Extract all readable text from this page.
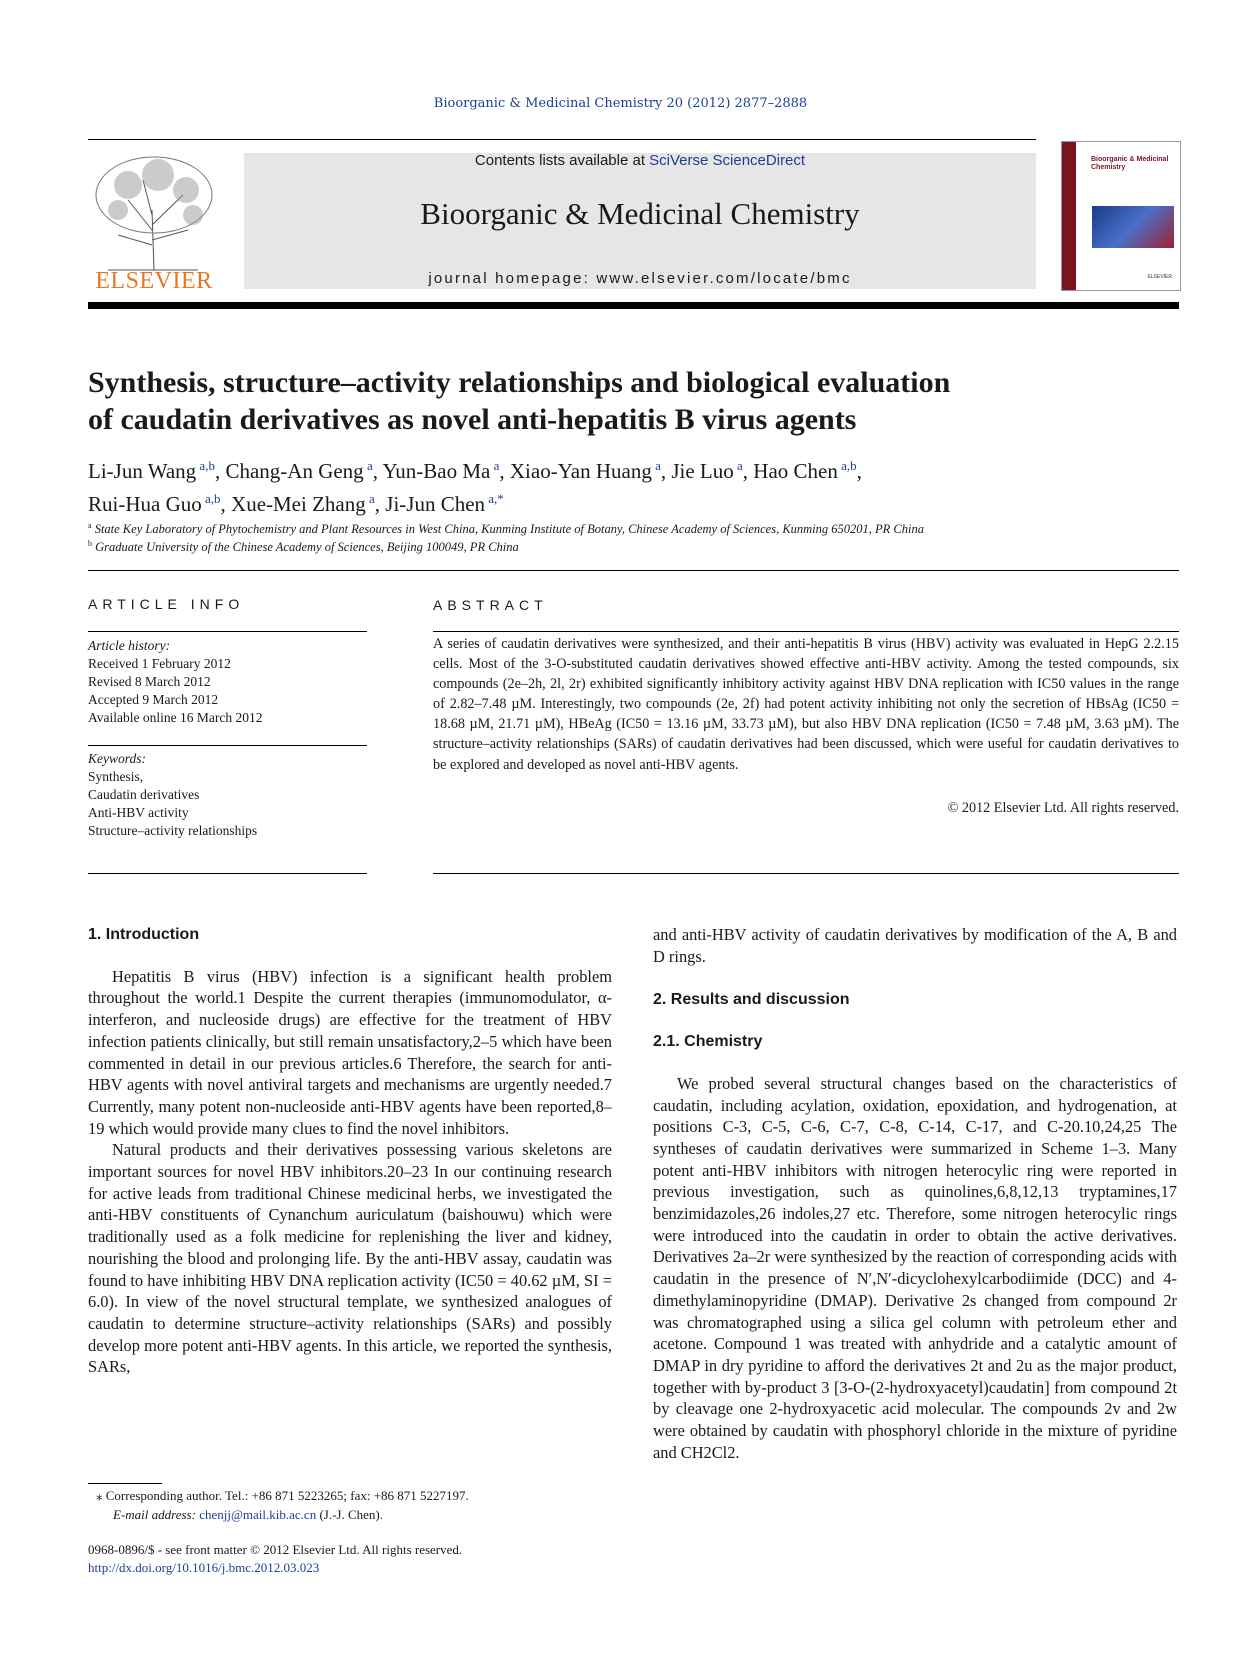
Bioorganic & Medicinal Chemistry 20 (2012) 2877–2888
ELSEVIER
Contents lists available at SciVerse ScienceDirect
Bioorganic & Medicinal Chemistry
journal homepage: www.elsevier.com/locate/bmc
Bioorganic & Medicinal Chemistry
ELSEVIER
Synthesis, structure–activity relationships and biological evaluation
of caudatin derivatives as novel anti-hepatitis B virus agents
Li-Jun Wang $^{a,b}$, Chang-An Geng $^a$, Yun-Bao Ma $^a$, Xiao-Yan Huang $^a$, Jie Luo $^a$, Hao Chen $^{a,b}$,
Rui-Hua Guo $^{a,b}$, Xue-Mei Zhang $^a$, Ji-Jun Chen $^{a,*}$
$^a$ State Key Laboratory of Phytochemistry and Plant Resources in West China, Kunming Institute of Botany, Chinese Academy of Sciences, Kunming 650201, PR China
$^b$ Graduate University of the Chinese Academy of Sciences, Beijing 100049, PR China
ARTICLE INFO
Article history:
Received 1 February 2012
Revised 8 March 2012
Accepted 9 March 2012
Available online 16 March 2012
Keywords:
Synthesis,
Caudatin derivatives
Anti-HBV activity
Structure–activity relationships
ABSTRACT
A series of caudatin derivatives were synthesized, and their anti-hepatitis B virus (HBV) activity was evaluated in HepG 2.2.15 cells. Most of the 3-O-substituted caudatin derivatives showed effective anti-HBV activity. Among the tested compounds, six compounds (2e–2h, 2l, 2r) exhibited significantly inhibitory activity against HBV DNA replication with IC50 values in the range of 2.82–7.48 µM. Interestingly, two compounds (2e, 2f) had potent activity inhibiting not only the secretion of HBsAg (IC50 = 18.68 µM, 21.71 µM), HBeAg (IC50 = 13.16 µM, 33.73 µM), but also HBV DNA replication (IC50 = 7.48 µM, 3.63 µM). The structure–activity relationships (SARs) of caudatin derivatives had been discussed, which were useful for caudatin derivatives to be explored and developed as novel anti-HBV agents.
© 2012 Elsevier Ltd. All rights reserved.
1. Introduction

Hepatitis B virus (HBV) infection is a significant health problem throughout the world.1 Despite the current therapies (immunomodulator, α-interferon, and nucleoside drugs) are effective for the treatment of HBV infection patients clinically, but still remain unsatisfactory,2–5 which have been commented in detail in our previous articles.6 Therefore, the search for anti-HBV agents with novel antiviral targets and mechanisms are urgently needed.7 Currently, many potent non-nucleoside anti-HBV agents have been reported,8–19 which would provide many clues to find the novel inhibitors.

Natural products and their derivatives possessing various skeletons are important sources for novel HBV inhibitors.20–23 In our continuing research for active leads from traditional Chinese medicinal herbs, we investigated the anti-HBV constituents of Cynanchum auriculatum (baishouwu) which were traditionally used as a folk medicine for replenishing the liver and kidney, nourishing the blood and prolonging life. By the anti-HBV assay, caudatin was found to have inhibiting HBV DNA replication activity (IC50 = 40.62 µM, SI = 6.0). In view of the novel structural template, we synthesized analogues of caudatin to determine structure–activity relationships (SARs) and possibly develop more potent anti-HBV agents. In this article, we reported the synthesis, SARs,

and anti-HBV activity of caudatin derivatives by modification of the A, B and D rings.
2. Results and discussion
2.1. Chemistry

We probed several structural changes based on the characteristics of caudatin, including acylation, oxidation, epoxidation, and hydrogenation, at positions C-3, C-5, C-6, C-7, C-8, C-14, C-17, and C-20.10,24,25 The syntheses of caudatin derivatives were summarized in Scheme 1–3. Many potent anti-HBV inhibitors with nitrogen heterocylic ring were reported in previous investigation, such as quinolines,6,8,12,13 tryptamines,17 benzimidazoles,26 indoles,27 etc. Therefore, some nitrogen heterocylic rings were introduced into the caudatin in order to obtain the active derivatives. Derivatives 2a–2r were synthesized by the reaction of corresponding acids with caudatin in the presence of N′,N′-dicyclohexylcarbodiimide (DCC) and 4-dimethylaminopyridine (DMAP). Derivative 2s changed from compound 2r was chromatographed using a silica gel column with petroleum ether and acetone. Compound 1 was treated with anhydride and a catalytic amount of DMAP in dry pyridine to afford the derivatives 2t and 2u as the major product, together with by-product 3 [3-O-(2-hydroxyacetyl)caudatin] from compound 2t by cleavage one 2-hydroxyacetic acid molecular. The compounds 2v and 2w were obtained by caudatin with phosphoryl chloride in the mixture of pyridine and CH2Cl2.

⁎ Corresponding author. Tel.: +86 871 5223265; fax: +86 871 5227197.
E-mail address: chenjj@mail.kib.ac.cn (J.-J. Chen).
0968-0896/$ - see front matter © 2012 Elsevier Ltd. All rights reserved.
http://dx.doi.org/10.1016/j.bmc.2012.03.023
